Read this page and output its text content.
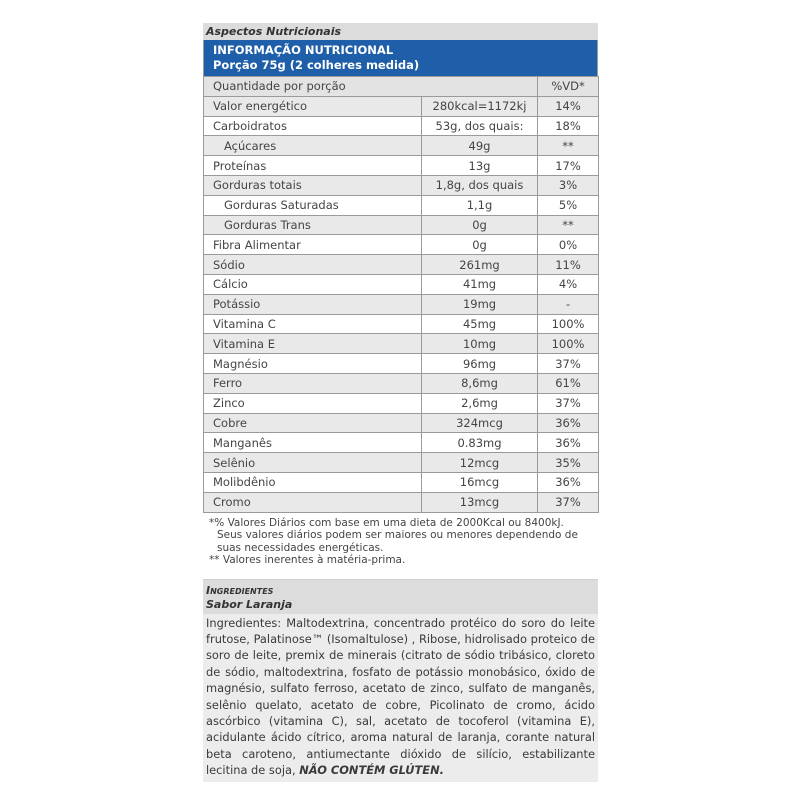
Aspectos Nutricionais
INFORMAÇÃO NUTRICIONAL
Porção 75g (2 colheres medida)
Quantidade por porção		%VD*
Valor energético	280kcal=1172kj	14%
Carboidratos	53g, dos quais:	18%
Açúcares	49g	**
Proteínas	13g	17%
Gorduras totais	1,8g, dos quais	3%
Gorduras Saturadas	1,1g	5%
Gorduras Trans	0g	**
Fibra Alimentar	0g	0%
Sódio	261mg	11%
Cálcio	41mg	4%
Potássio	19mg	-
Vitamina C	45mg	100%
Vitamina E	10mg	100%
Magnésio	96mg	37%
Ferro	8,6mg	61%
Zinco	2,6mg	37%
Cobre	324mcg	36%
Manganês	0.83mg	36%
Selênio	12mcg	35%
Molibdênio	16mcg	36%
Cromo	13mcg	37%
*% Valores Diários com base em uma dieta de 2000Kcal ou 8400kJ.
Seus valores diários podem ser maiores ou menores dependendo de
suas necessidades energéticas.
** Valores inerentes à matéria-prima.
Ingredientes
Sabor Laranja
Ingredientes: Maltodextrina, concentrado protéico do soro do leite frutose, Palatinose™ (Isomaltulose) , Ribose, hidrolisado proteico de soro de leite, premix de minerais (citrato de sódio tribásico, cloreto de sódio, maltodextrina, fosfato de potássio monobásico, óxido de magnésio, sulfato ferroso, acetato de zinco, sulfato de manganês, selênio quelato, acetato de cobre, Picolinato de cromo, ácido ascórbico (vitamina C), sal, acetato de tocoferol (vitamina E), acidulante ácido cítrico, aroma natural de laranja, corante natural beta caroteno, antiumectante dióxido de silício, estabilizante lecitina de soja, NÃO CONTÉM GLÚTEN.
